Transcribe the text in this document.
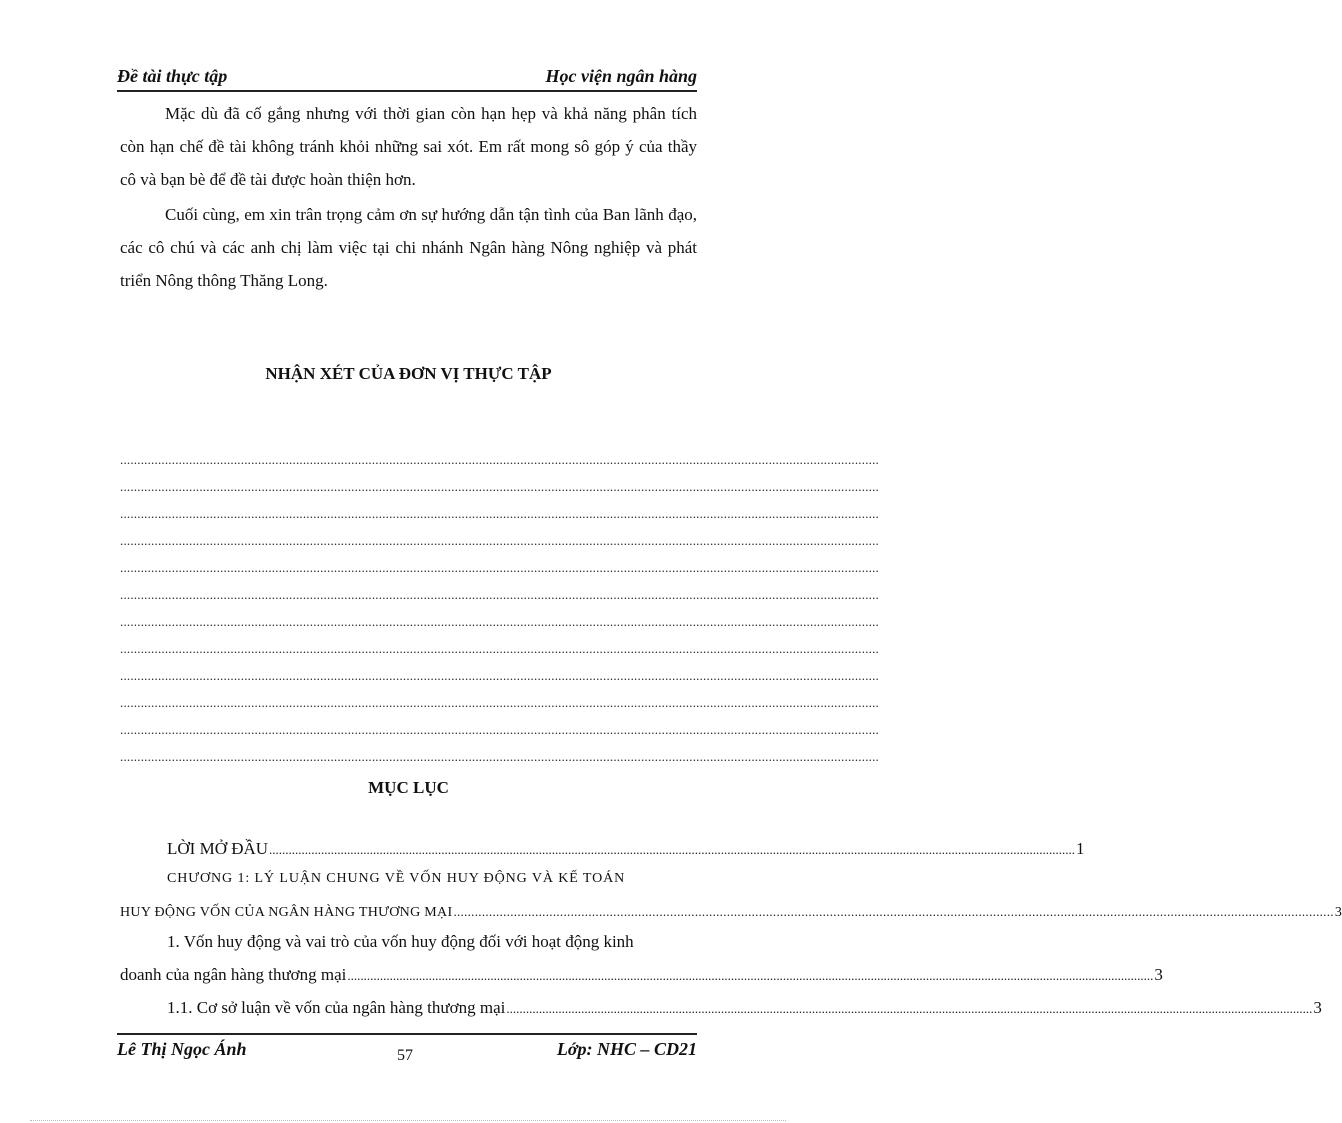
Đề tài thực tập	Học viện ngân hàng

Mặc dù đã cố gắng nhưng với thời gian còn hạn hẹp và khả năng phân tích còn hạn chế đề tài không tránh khỏi những sai xót. Em rất mong sô góp ý của thầy cô và bạn bè để đề tài được hoàn thiện hơn.

Cuối cùng, em xin trân trọng cảm ơn sự hướng dẫn tận tình của Ban lãnh đạo, các cô chú và các anh chị làm việc tại chi nhánh Ngân hàng Nông nghiệp và phát triển Nông thông Thăng Long.

NHẬN XÉT CỦA ĐƠN VỊ THỰC TẬP

............................................................................................................................................................................................................................
............................................................................................................................................................................................................................
............................................................................................................................................................................................................................
............................................................................................................................................................................................................................
............................................................................................................................................................................................................................
............................................................................................................................................................................................................................
............................................................................................................................................................................................................................
............................................................................................................................................................................................................................
............................................................................................................................................................................................................................
............................................................................................................................................................................................................................
............................................................................................................................................................................................................................
............................................................................................................................................................................................................................

MỤC LỤC

LỜI MỞ ĐẦU .....	1
CHƯƠNG 1: LÝ LUẬN CHUNG VỀ VỐN HUY ĐỘNG VÀ KẾ TOÁN
HUY ĐỘNG VỐN CỦA NGÂN HÀNG THƯƠNG MẠI .....	3
1. Vốn huy động và vai trò của vốn huy động đối với hoạt động kinh
doanh của ngân hàng thương mại .....	3
1.1. Cơ sở luận về vốn của ngân hàng thương mại .....	3
Lê Thị Ngọc Ánh	57	Lớp: NHC – CD21
